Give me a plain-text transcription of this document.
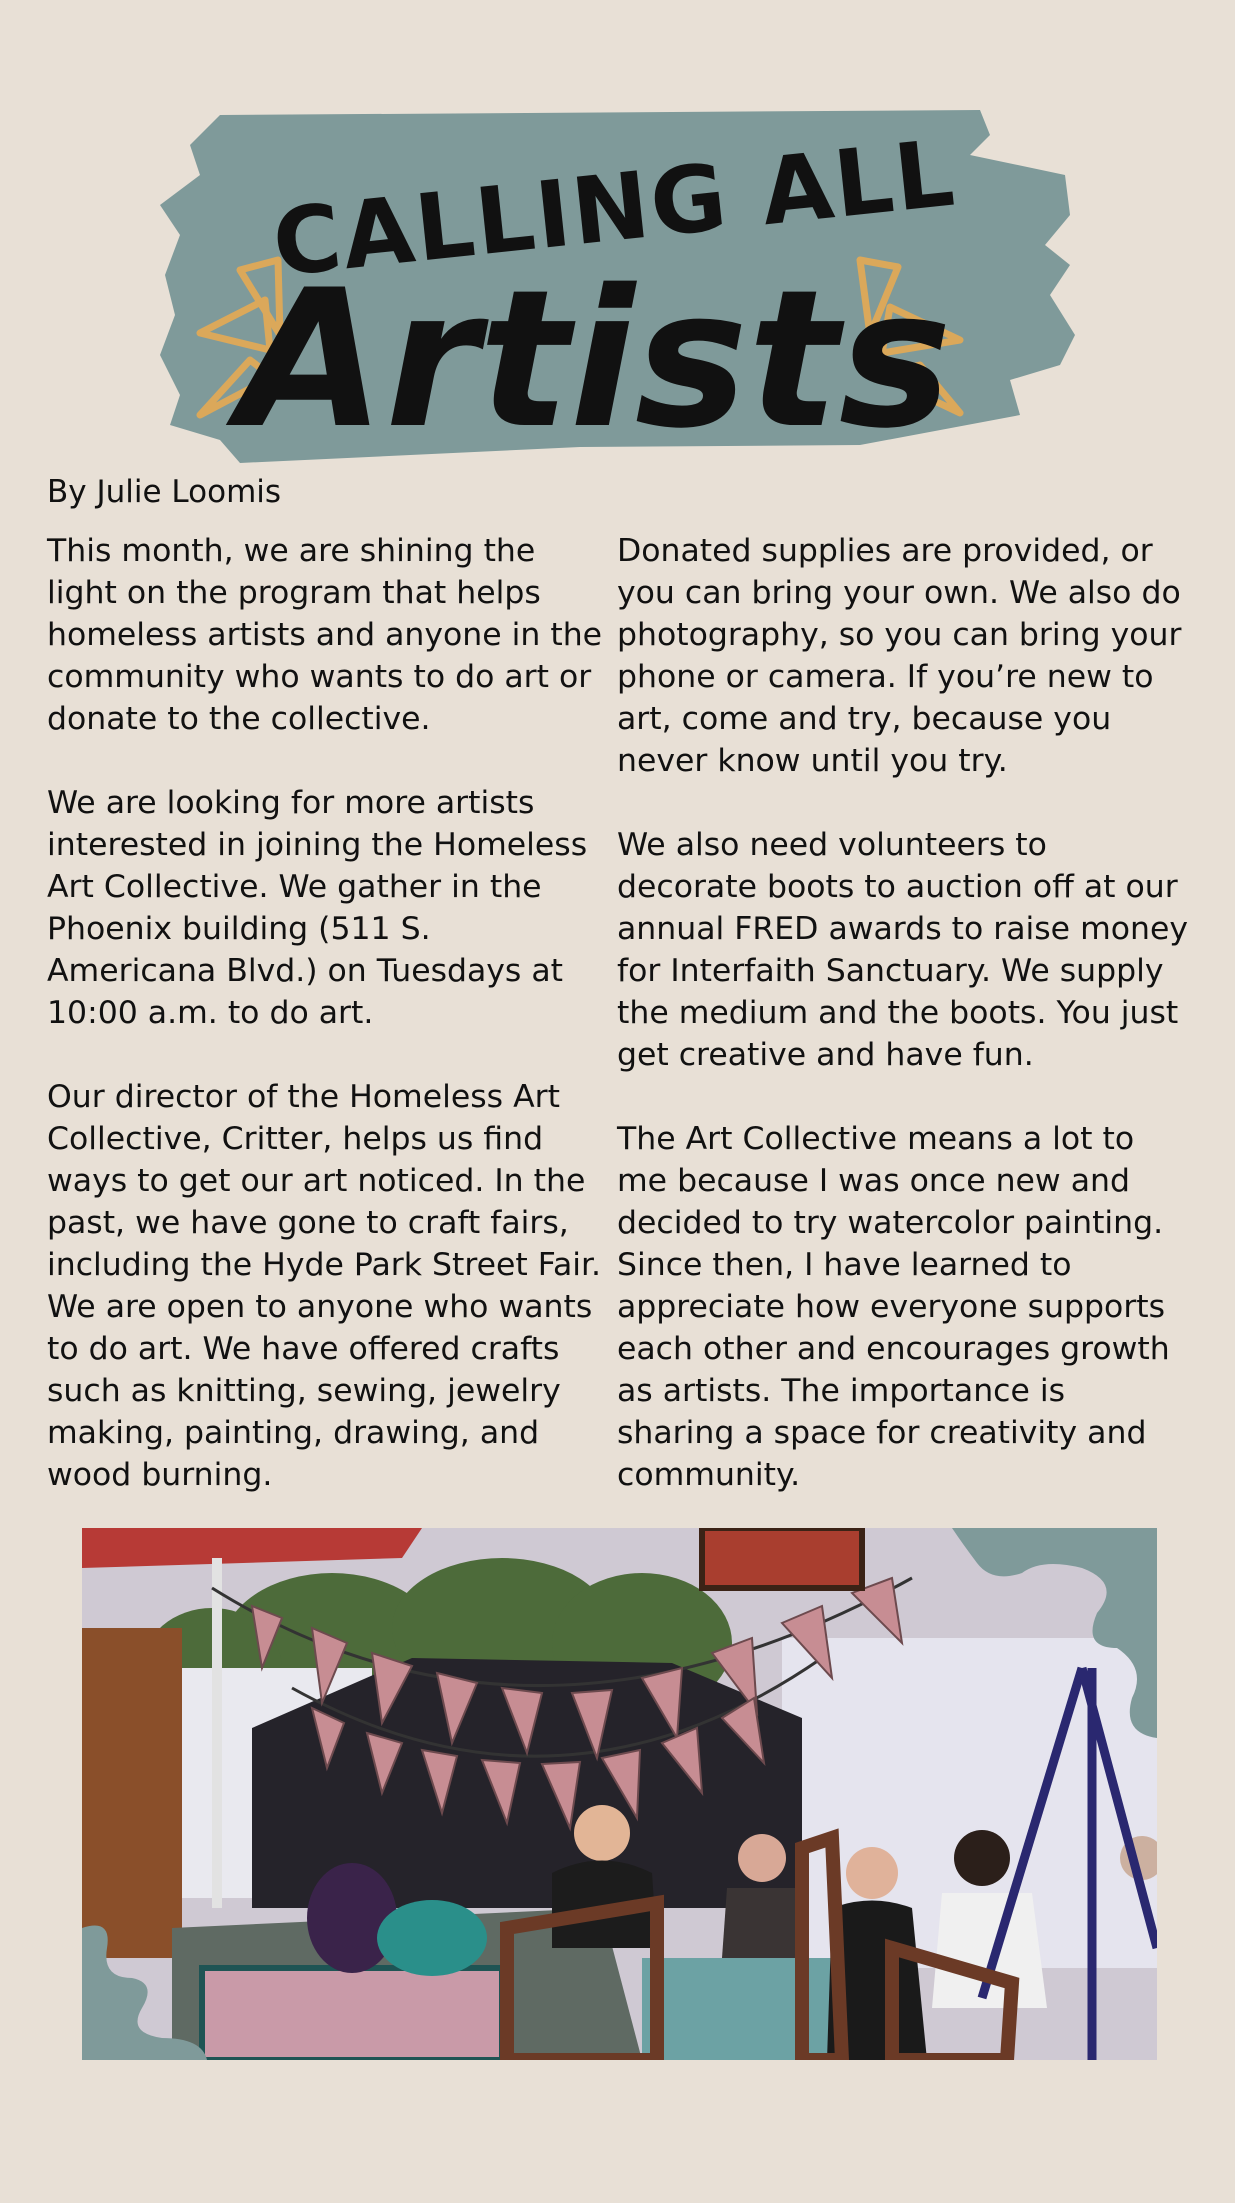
CALLING ALL
Artists
By Julie Loomis

This month, we are shining the light on the program that helps homeless artists and anyone in the community who wants to do art or donate to the collective.

We are looking for more artists interested in joining the Homeless Art Collective. We gather in the Phoenix building (511 S. Americana Blvd.) on Tuesdays at 10:00 a.m. to do art.

Our director of the Homeless Art Collective, Critter, helps us find ways to get our art noticed. In the past, we have gone to craft fairs, including the Hyde Park Street Fair. We are open to anyone who wants to do art. We have offered crafts such as knitting, sewing, jewelry making, painting, drawing, and wood burning.

Donated supplies are provided, or you can bring your own. We also do photography, so you can bring your phone or camera. If you’re new to art, come and try, because you never know until you try.

We also need volunteers to decorate boots to auction off at our annual FRED awards to raise money for Interfaith Sanctuary. We supply the medium and the boots. You just get creative and have fun.

The Art Collective means a lot to me because I was once new and decided to try watercolor painting. Since then, I have learned to appreciate how everyone supports each other and encourages growth as artists. The importance is sharing a space for creativity and community.
